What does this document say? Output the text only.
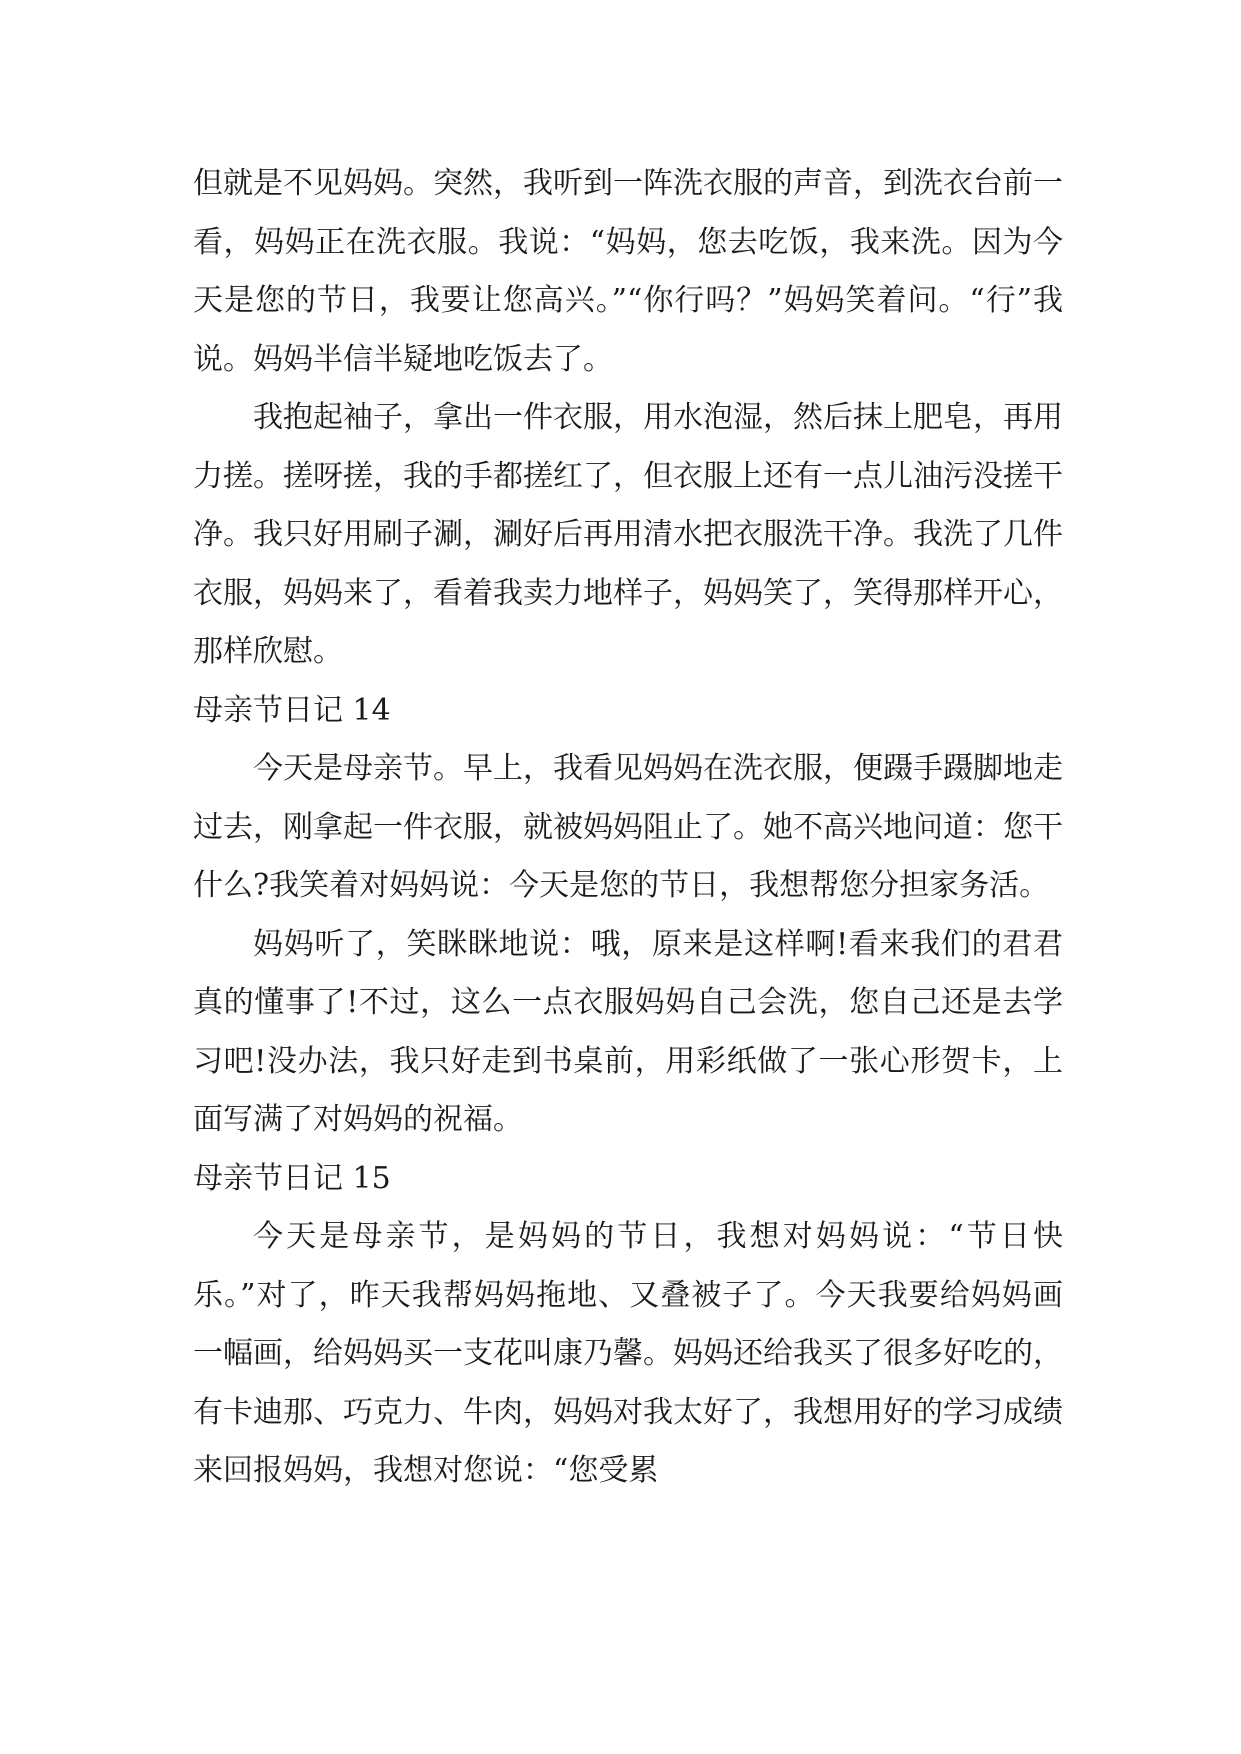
但就是不见妈妈。突然，我听到一阵洗衣服的声音，到洗衣台前一看，妈妈正在洗衣服。我说：“妈妈，您去吃饭，我来洗。因为今天是您的节日，我要让您高兴。”“你行吗？”妈妈笑着问。“行”我说。妈妈半信半疑地吃饭去了。

我抱起袖子，拿出一件衣服，用水泡湿，然后抹上肥皂，再用力搓。搓呀搓，我的手都搓红了，但衣服上还有一点儿油污没搓干净。我只好用刷子涮，涮好后再用清水把衣服洗干净。我洗了几件衣服，妈妈来了，看着我卖力地样子，妈妈笑了，笑得那样开心，那样欣慰。

母亲节日记 14

今天是母亲节。早上，我看见妈妈在洗衣服，便蹑手蹑脚地走过去，刚拿起一件衣服，就被妈妈阻止了。她不高兴地问道：您干什么?我笑着对妈妈说：今天是您的节日，我想帮您分担家务活。

妈妈听了，笑眯眯地说：哦，原来是这样啊!看来我们的君君真的懂事了!不过，这么一点衣服妈妈自己会洗，您自己还是去学习吧!没办法，我只好走到书桌前，用彩纸做了一张心形贺卡，上面写满了对妈妈的祝福。

母亲节日记 15

今天是母亲节，是妈妈的节日，我想对妈妈说：“节日快乐。”对了，昨天我帮妈妈拖地、又叠被子了。今天我要给妈妈画一幅画，给妈妈买一支花叫康乃馨。妈妈还给我买了很多好吃的，有卡迪那、巧克力、牛肉，妈妈对我太好了，我想用好的学习成绩来回报妈妈，我想对您说：“您受累
